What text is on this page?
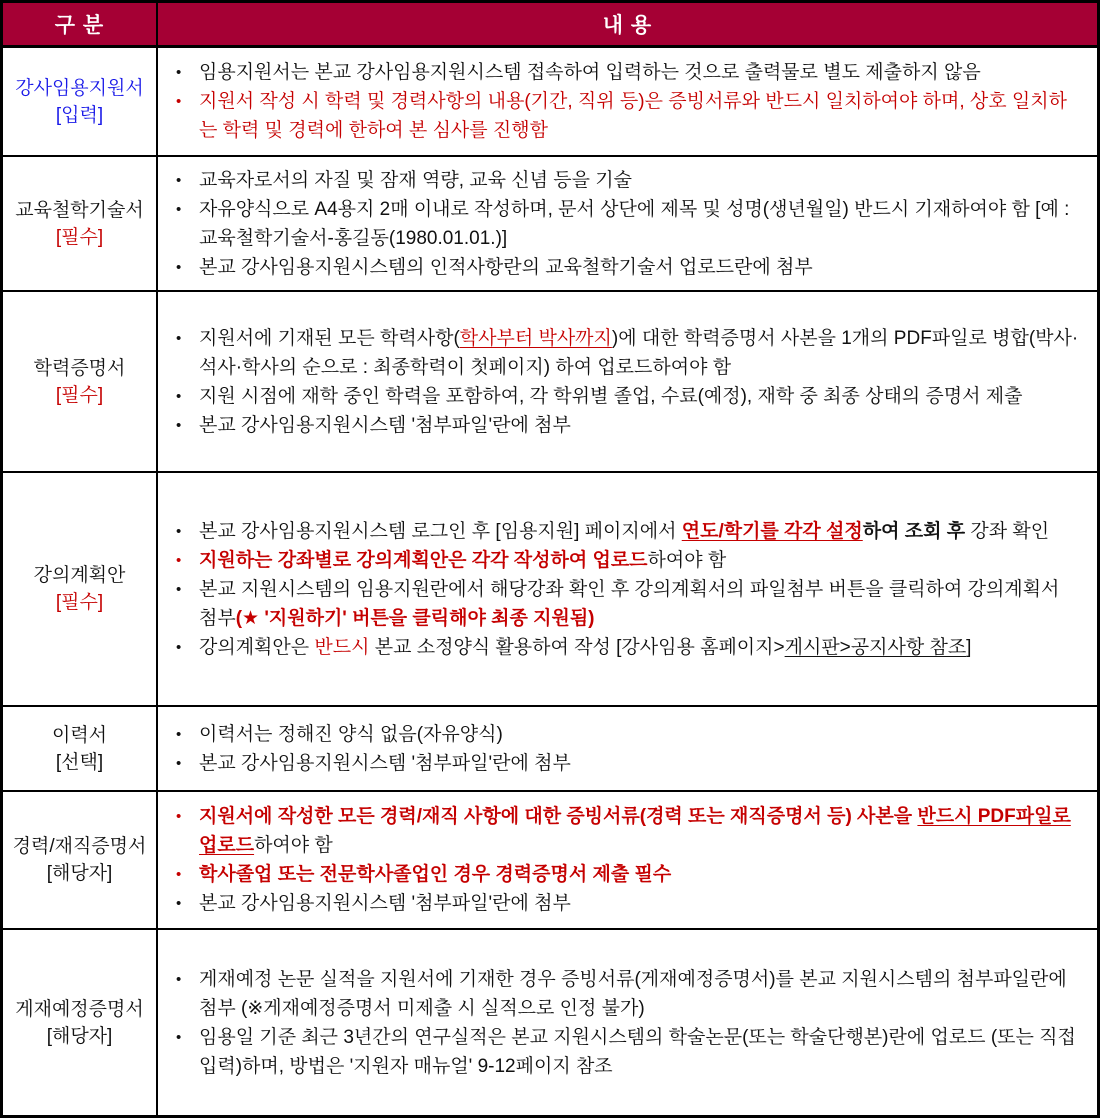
구 분	내 용
강사임용지원서
[입력]
• 임용지원서는 본교 강사임용지원시스템 접속하여 입력하는 것으로 출력물로 별도 제출하지 않음
• 지원서 작성 시 학력 및 경력사항의 내용(기간, 직위 등)은 증빙서류와 반드시 일치하여야 하며, 상호 일치하는 학력 및 경력에 한하여 본 심사를 진행함
교육철학기술서
[필수]
• 교육자로서의 자질 및 잠재 역량, 교육 신념 등을 기술
• 자유양식으로 A4용지 2매 이내로 작성하며, 문서 상단에 제목 및 성명(생년월일) 반드시 기재하여야 함 [예 : 교육철학기술서-홍길동(1980.01.01.)]
• 본교 강사임용지원시스템의 인적사항란의 교육철학기술서 업로드란에 첨부
학력증명서
[필수]
• 지원서에 기재된 모든 학력사항(학사부터 박사까지)에 대한 학력증명서 사본을 1개의 PDF파일로 병합(박사·석사·학사의 순으로 : 최종학력이 첫페이지) 하여 업로드하여야 함
• 지원 시점에 재학 중인 학력을 포함하여, 각 학위별 졸업, 수료(예정), 재학 중 최종 상태의 증명서 제출
• 본교 강사임용지원시스템 '첨부파일'란에 첨부
강의계획안
[필수]
• 본교 강사임용지원시스템 로그인 후 [임용지원] 페이지에서 연도/학기를 각각 설정하여 조회 후 강좌 확인
• 지원하는 강좌별로 강의계획안은 각각 작성하여 업로드하여야 함
• 본교 지원시스템의 임용지원란에서 해당강좌 확인 후 강의계획서의 파일첨부 버튼을 클릭하여 강의계획서 첨부(★ '지원하기' 버튼을 클릭해야 최종 지원됨)
• 강의계획안은 반드시 본교 소정양식 활용하여 작성 [강사임용 홈페이지>게시판>공지사항 참조]
이력서
[선택]
• 이력서는 정해진 양식 없음(자유양식)
• 본교 강사임용지원시스템 '첨부파일'란에 첨부
경력/재직증명서
[해당자]
• 지원서에 작성한 모든 경력/재직 사항에 대한 증빙서류(경력 또는 재직증명서 등) 사본을 반드시 PDF파일로 업로드하여야 함
• 학사졸업 또는 전문학사졸업인 경우 경력증명서 제출 필수
• 본교 강사임용지원시스템 '첨부파일'란에 첨부
게재예정증명서
[해당자]
• 게재예정 논문 실적을 지원서에 기재한 경우 증빙서류(게재예정증명서)를 본교 지원시스템의 첨부파일란에 첨부 (※게재예정증명서 미제출 시 실적으로 인정 불가)
• 임용일 기준 최근 3년간의 연구실적은 본교 지원시스템의 학술논문(또는 학술단행본)란에 업로드 (또는 직접 입력)하며, 방법은 '지원자 매뉴얼' 9-12페이지 참조
